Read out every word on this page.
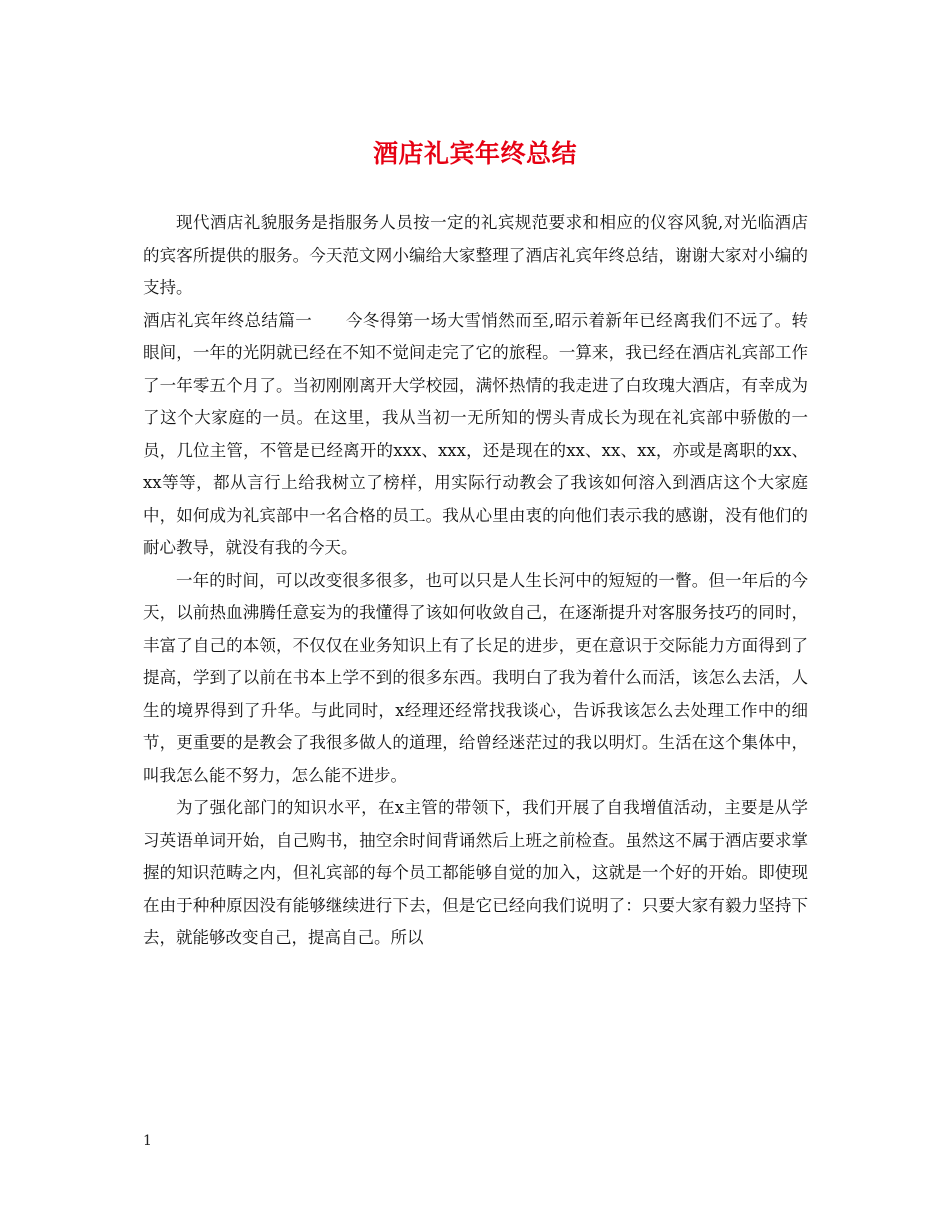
酒店礼宾年终总结

现代酒店礼貌服务是指服务人员按一定的礼宾规范要求和相应的仪容风貌,对光临酒店的宾客所提供的服务。今天范文网小编给大家整理了酒店礼宾年终总结，谢谢大家对小编的支持。

酒店礼宾年终总结篇一　　今冬得第一场大雪悄然而至,昭示着新年已经离我们不远了。转眼间，一年的光阴就已经在不知不觉间走完了它的旅程。一算来，我已经在酒店礼宾部工作了一年零五个月了。当初刚刚离开大学校园，满怀热情的我走进了白玫瑰大酒店，有幸成为了这个大家庭的一员。在这里，我从当初一无所知的愣头青成长为现在礼宾部中骄傲的一员，几位主管，不管是已经离开的xxx、xxx，还是现在的xx、xx、xx，亦或是离职的xx、xx等等，都从言行上给我树立了榜样，用实际行动教会了我该如何溶入到酒店这个大家庭中，如何成为礼宾部中一名合格的员工。我从心里由衷的向他们表示我的感谢，没有他们的耐心教导，就没有我的今天。

一年的时间，可以改变很多很多，也可以只是人生长河中的短短的一瞥。但一年后的今天，以前热血沸腾任意妄为的我懂得了该如何收敛自己，在逐渐提升对客服务技巧的同时，丰富了自己的本领，不仅仅在业务知识上有了长足的进步，更在意识于交际能力方面得到了提高，学到了以前在书本上学不到的很多东西。我明白了我为着什么而活，该怎么去活，人生的境界得到了升华。与此同时，x经理还经常找我谈心，告诉我该怎么去处理工作中的细节，更重要的是教会了我很多做人的道理，给曾经迷茫过的我以明灯。生活在这个集体中，叫我怎么能不努力，怎么能不进步。

为了强化部门的知识水平，在x主管的带领下，我们开展了自我增值活动，主要是从学习英语单词开始，自己购书，抽空余时间背诵然后上班之前检查。虽然这不属于酒店要求掌握的知识范畴之内，但礼宾部的每个员工都能够自觉的加入，这就是一个好的开始。即使现在由于种种原因没有能够继续进行下去，但是它已经向我们说明了：只要大家有毅力坚持下去，就能够改变自己，提高自己。所以

1
